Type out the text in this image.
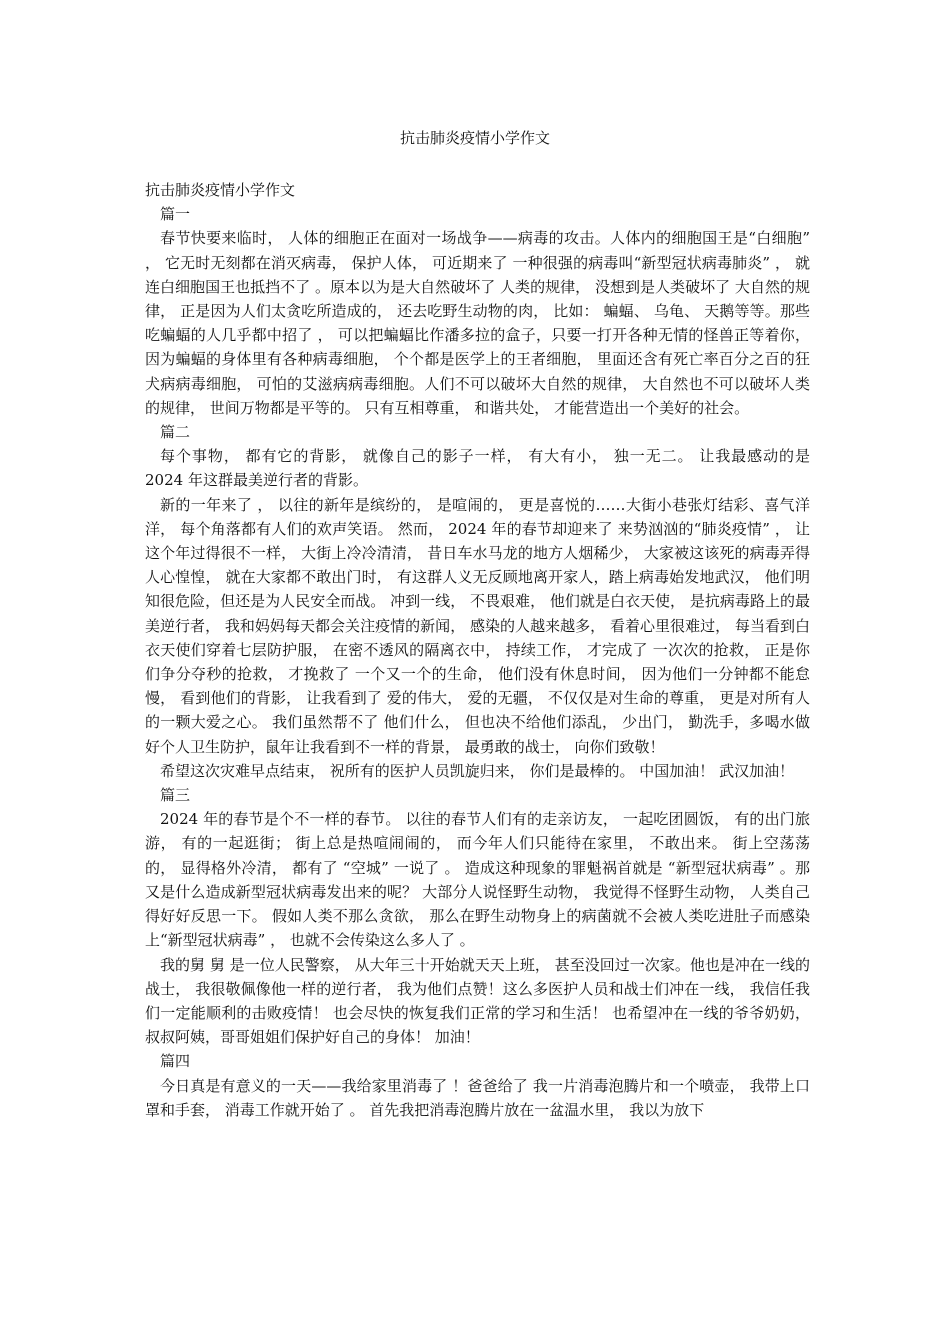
抗击肺炎疫情小学作文

抗击肺炎疫情小学作文

篇一

春节快要来临时， 人体的细胞正在面对一场战争——病毒的攻击。人体内的细胞国王是“白细胞” ， 它无时无刻都在消灭病毒， 保护人体， 可近期来了 一种很强的病毒叫“新型冠状病毒肺炎” ， 就连白细胞国王也抵挡不了 。原本以为是大自然破坏了 人类的规律， 没想到是人类破坏了 大自然的规律， 正是因为人们太贪吃所造成的， 还去吃野生动物的肉， 比如： 蝙蝠、 乌龟、 天鹅等等。那些吃蝙蝠的人几乎都中招了 ， 可以把蝙蝠比作潘多拉的盒子，只要一打开各种无情的怪兽正等着你， 因为蝙蝠的身体里有各种病毒细胞， 个个都是医学上的王者细胞， 里面还含有死亡率百分之百的狂犬病病毒细胞， 可怕的艾滋病病毒细胞。人们不可以破坏大自然的规律， 大自然也不可以破坏人类的规律， 世间万物都是平等的。 只有互相尊重， 和谐共处， 才能营造出一个美好的社会。

篇二

每个事物， 都有它的背影， 就像自己的影子一样， 有大有小， 独一无二。 让我最感动的是 2024 年这群最美逆行者的背影。

新的一年来了 ， 以往的新年是缤纷的， 是喧闹的， 更是喜悦的……大街小巷张灯结彩、喜气洋洋， 每个角落都有人们的欢声笑语。 然而， 2024 年的春节却迎来了 来势汹汹的“肺炎疫情” ， 让这个年过得很不一样， 大街上冷冷清清， 昔日车水马龙的地方人烟稀少， 大家被这该死的病毒弄得人心惶惶， 就在大家都不敢出门时， 有这群人义无反顾地离开家人，踏上病毒始发地武汉， 他们明知很危险，但还是为人民安全而战。 冲到一线， 不畏艰难， 他们就是白衣天使， 是抗病毒路上的最美逆行者， 我和妈妈每天都会关注疫情的新闻， 感染的人越来越多， 看着心里很难过， 每当看到白衣天使们穿着七层防护服， 在密不透风的隔离衣中， 持续工作， 才完成了 一次次的抢救， 正是你们争分夺秒的抢救， 才挽救了 一个又一个的生命， 他们没有休息时间， 因为他们一分钟都不能怠慢， 看到他们的背影， 让我看到了 爱的伟大， 爱的无疆， 不仅仅是对生命的尊重， 更是对所有人的一颗大爱之心。 我们虽然帮不了 他们什么， 但也决不给他们添乱， 少出门， 勤洗手，多喝水做好个人卫生防护，鼠年让我看到不一样的背景， 最勇敢的战士， 向你们致敬！

希望这次灾难早点结束， 祝所有的医护人员凯旋归来， 你们是最棒的。 中国加油！ 武汉加油！

篇三

2024 年的春节是个不一样的春节。 以往的春节人们有的走亲访友， 一起吃团圆饭， 有的出门旅游， 有的一起逛街； 街上总是热喧闹闹的， 而今年人们只能待在家里， 不敢出来。 街上空荡荡的， 显得格外冷清， 都有了 “空城” 一说了 。 造成这种现象的罪魁祸首就是 “新型冠状病毒” 。那又是什么造成新型冠状病毒发出来的呢？ 大部分人说怪野生动物， 我觉得不怪野生动物， 人类自己得好好反思一下。 假如人类不那么贪欲， 那么在野生动物身上的病菌就不会被人类吃进肚子而感染上“新型冠状病毒” ， 也就不会传染这么多人了 。

我的舅 舅 是一位人民警察， 从大年三十开始就天天上班， 甚至没回过一次家。他也是冲在一线的战士， 我很敬佩像他一样的逆行者， 我为他们点赞！这么多医护人员和战士们冲在一线， 我信任我们一定能顺利的击败疫情！ 也会尽快的恢复我们正常的学习和生活！ 也希望冲在一线的爷爷奶奶， 叔叔阿姨，哥哥姐姐们保护好自己的身体！ 加油！

篇四

今日真是有意义的一天——我给家里消毒了 ！爸爸给了 我一片消毒泡腾片和一个喷壶， 我带上口 罩和手套， 消毒工作就开始了 。 首先我把消毒泡腾片放在一盆温水里， 我以为放下
